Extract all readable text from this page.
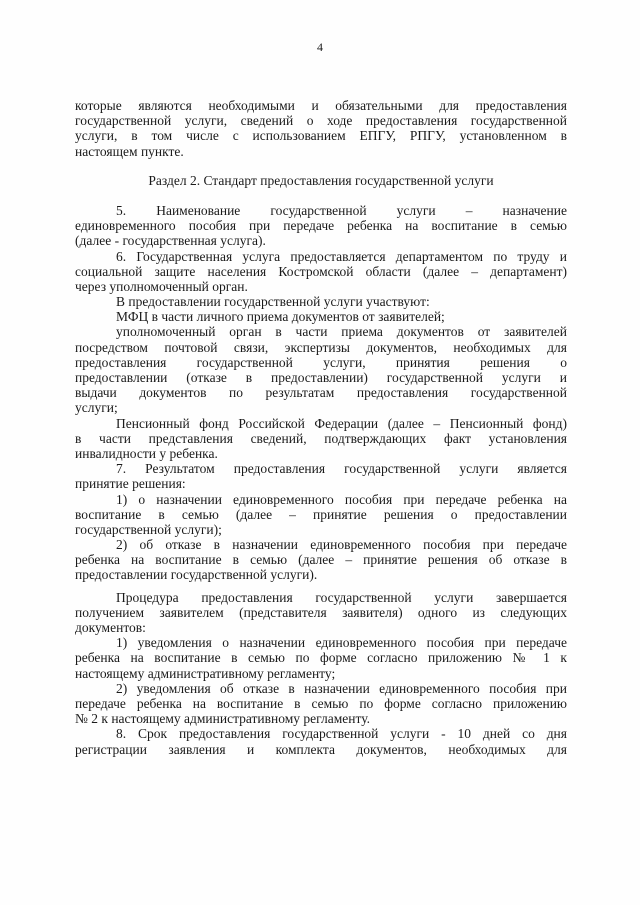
4
которые являются необходимыми и обязательными для предоставления
государственной услуги, сведений о ходе предоставления государственной
услуги, в том числе с использованием ЕПГУ, РПГУ, установленном в
настоящем пункте.
Раздел 2. Стандарт предоставления государственной услуги
5. Наименование государственной услуги – назначение
единовременного пособия при передаче ребенка на воспитание в семью
(далее - государственная услуга).
6. Государственная услуга предоставляется департаментом по труду и
социальной защите населения Костромской области (далее – департамент)
через уполномоченный орган.
В предоставлении государственной услуги участвуют:
МФЦ в части личного приема документов от заявителей;
уполномоченный орган в части приема документов от заявителей
посредством почтовой связи, экспертизы документов, необходимых для
предоставления государственной услуги, принятия решения о
предоставлении (отказе в предоставлении) государственной услуги и
выдачи документов по результатам предоставления государственной
услуги;
Пенсионный фонд Российской Федерации (далее – Пенсионный фонд)
в части представления сведений, подтверждающих факт установления
инвалидности у ребенка.
7. Результатом предоставления государственной услуги является
принятие решения:
1) о назначении единовременного пособия при передаче ребенка на
воспитание в семью (далее – принятие решения о предоставлении
государственной услуги);
2) об отказе в назначении единовременного пособия при передаче
ребенка на воспитание в семью (далее – принятие решения об отказе в
предоставлении государственной услуги).
Процедура предоставления государственной услуги завершается
получением заявителем (представителя заявителя) одного из следующих
документов:
1) уведомления о назначении единовременного пособия при передаче
ребенка на воспитание в семью по форме согласно приложению № 1 к
настоящему административному регламенту;
2) уведомления об отказе в назначении единовременного пособия при
передаче ребенка на воспитание в семью по форме согласно приложению
№ 2 к настоящему административному регламенту.
8. Срок предоставления государственной услуги - 10 дней со дня
регистрации заявления и комплекта документов, необходимых для
